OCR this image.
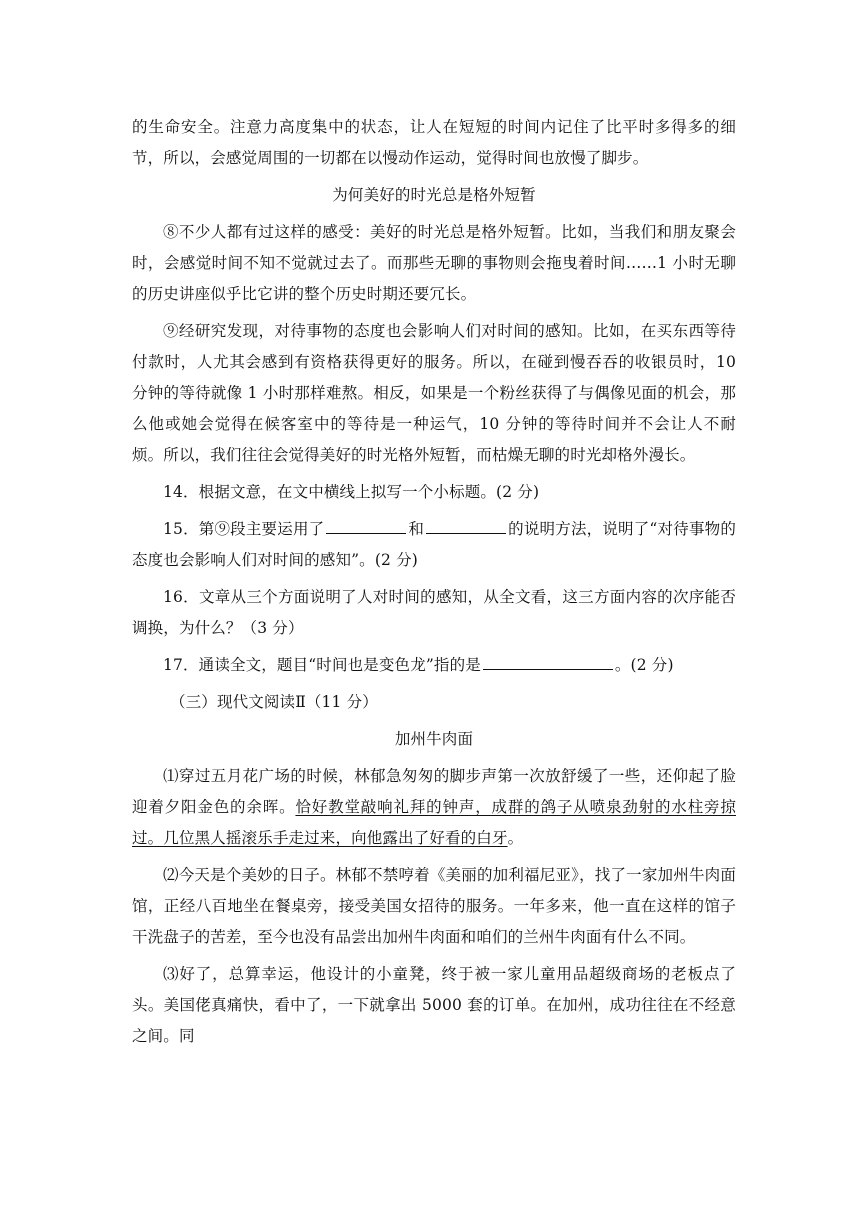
的生命安全。注意力高度集中的状态，让人在短短的时间内记住了比平时多得多的细节，所以，会感觉周围的一切都在以慢动作运动，觉得时间也放慢了脚步。

为何美好的时光总是格外短暂

⑧不少人都有过这样的感受：美好的时光总是格外短暂。比如，当我们和朋友聚会时，会感觉时间不知不觉就过去了。而那些无聊的事物则会拖曳着时间……1 小时无聊的历史讲座似乎比它讲的整个历史时期还要冗长。

⑨经研究发现，对待事物的态度也会影响人们对时间的感知。比如，在买东西等待付款时，人尤其会感到有资格获得更好的服务。所以，在碰到慢吞吞的收银员时，10 分钟的等待就像 1 小时那样难熬。相反，如果是一个粉丝获得了与偶像见面的机会，那么他或她会觉得在候客室中的等待是一种运气，10 分钟的等待时间并不会让人不耐烦。所以，我们往往会觉得美好的时光格外短暂，而枯燥无聊的时光却格外漫长。

14．根据文意，在文中横线上拟写一个小标题。(2 分)

15．第⑨段主要运用了	和	的说明方法，说明了“对待事物的态度也会影响人们对时间的感知”。(2 分)

16．文章从三个方面说明了人对时间的感知，从全文看，这三方面内容的次序能否调换，为什么？（3 分）

17．通读全文，题目“时间也是变色龙”指的是	。(2 分)

（三）现代文阅读Ⅱ（11 分）

加州牛肉面

⑴穿过五月花广场的时候，林郁急匆匆的脚步声第一次放舒缓了一些，还仰起了脸迎着夕阳金色的余晖。恰好教堂敲响礼拜的钟声，成群的鸽子从喷泉劲射的水柱旁掠过。几位黑人摇滚乐手走过来，向他露出了好看的白牙。

⑵今天是个美妙的日子。林郁不禁哼着《美丽的加利福尼亚》，找了一家加州牛肉面馆，正经八百地坐在餐桌旁，接受美国女招待的服务。一年多来，他一直在这样的馆子干洗盘子的苦差，至今也没有品尝出加州牛肉面和咱们的兰州牛肉面有什么不同。

⑶好了，总算幸运，他设计的小童凳，终于被一家儿童用品超级商场的老板点了头。美国佬真痛快，看中了，一下就拿出 5000 套的订单。在加州，成功往往在不经意之间。同
